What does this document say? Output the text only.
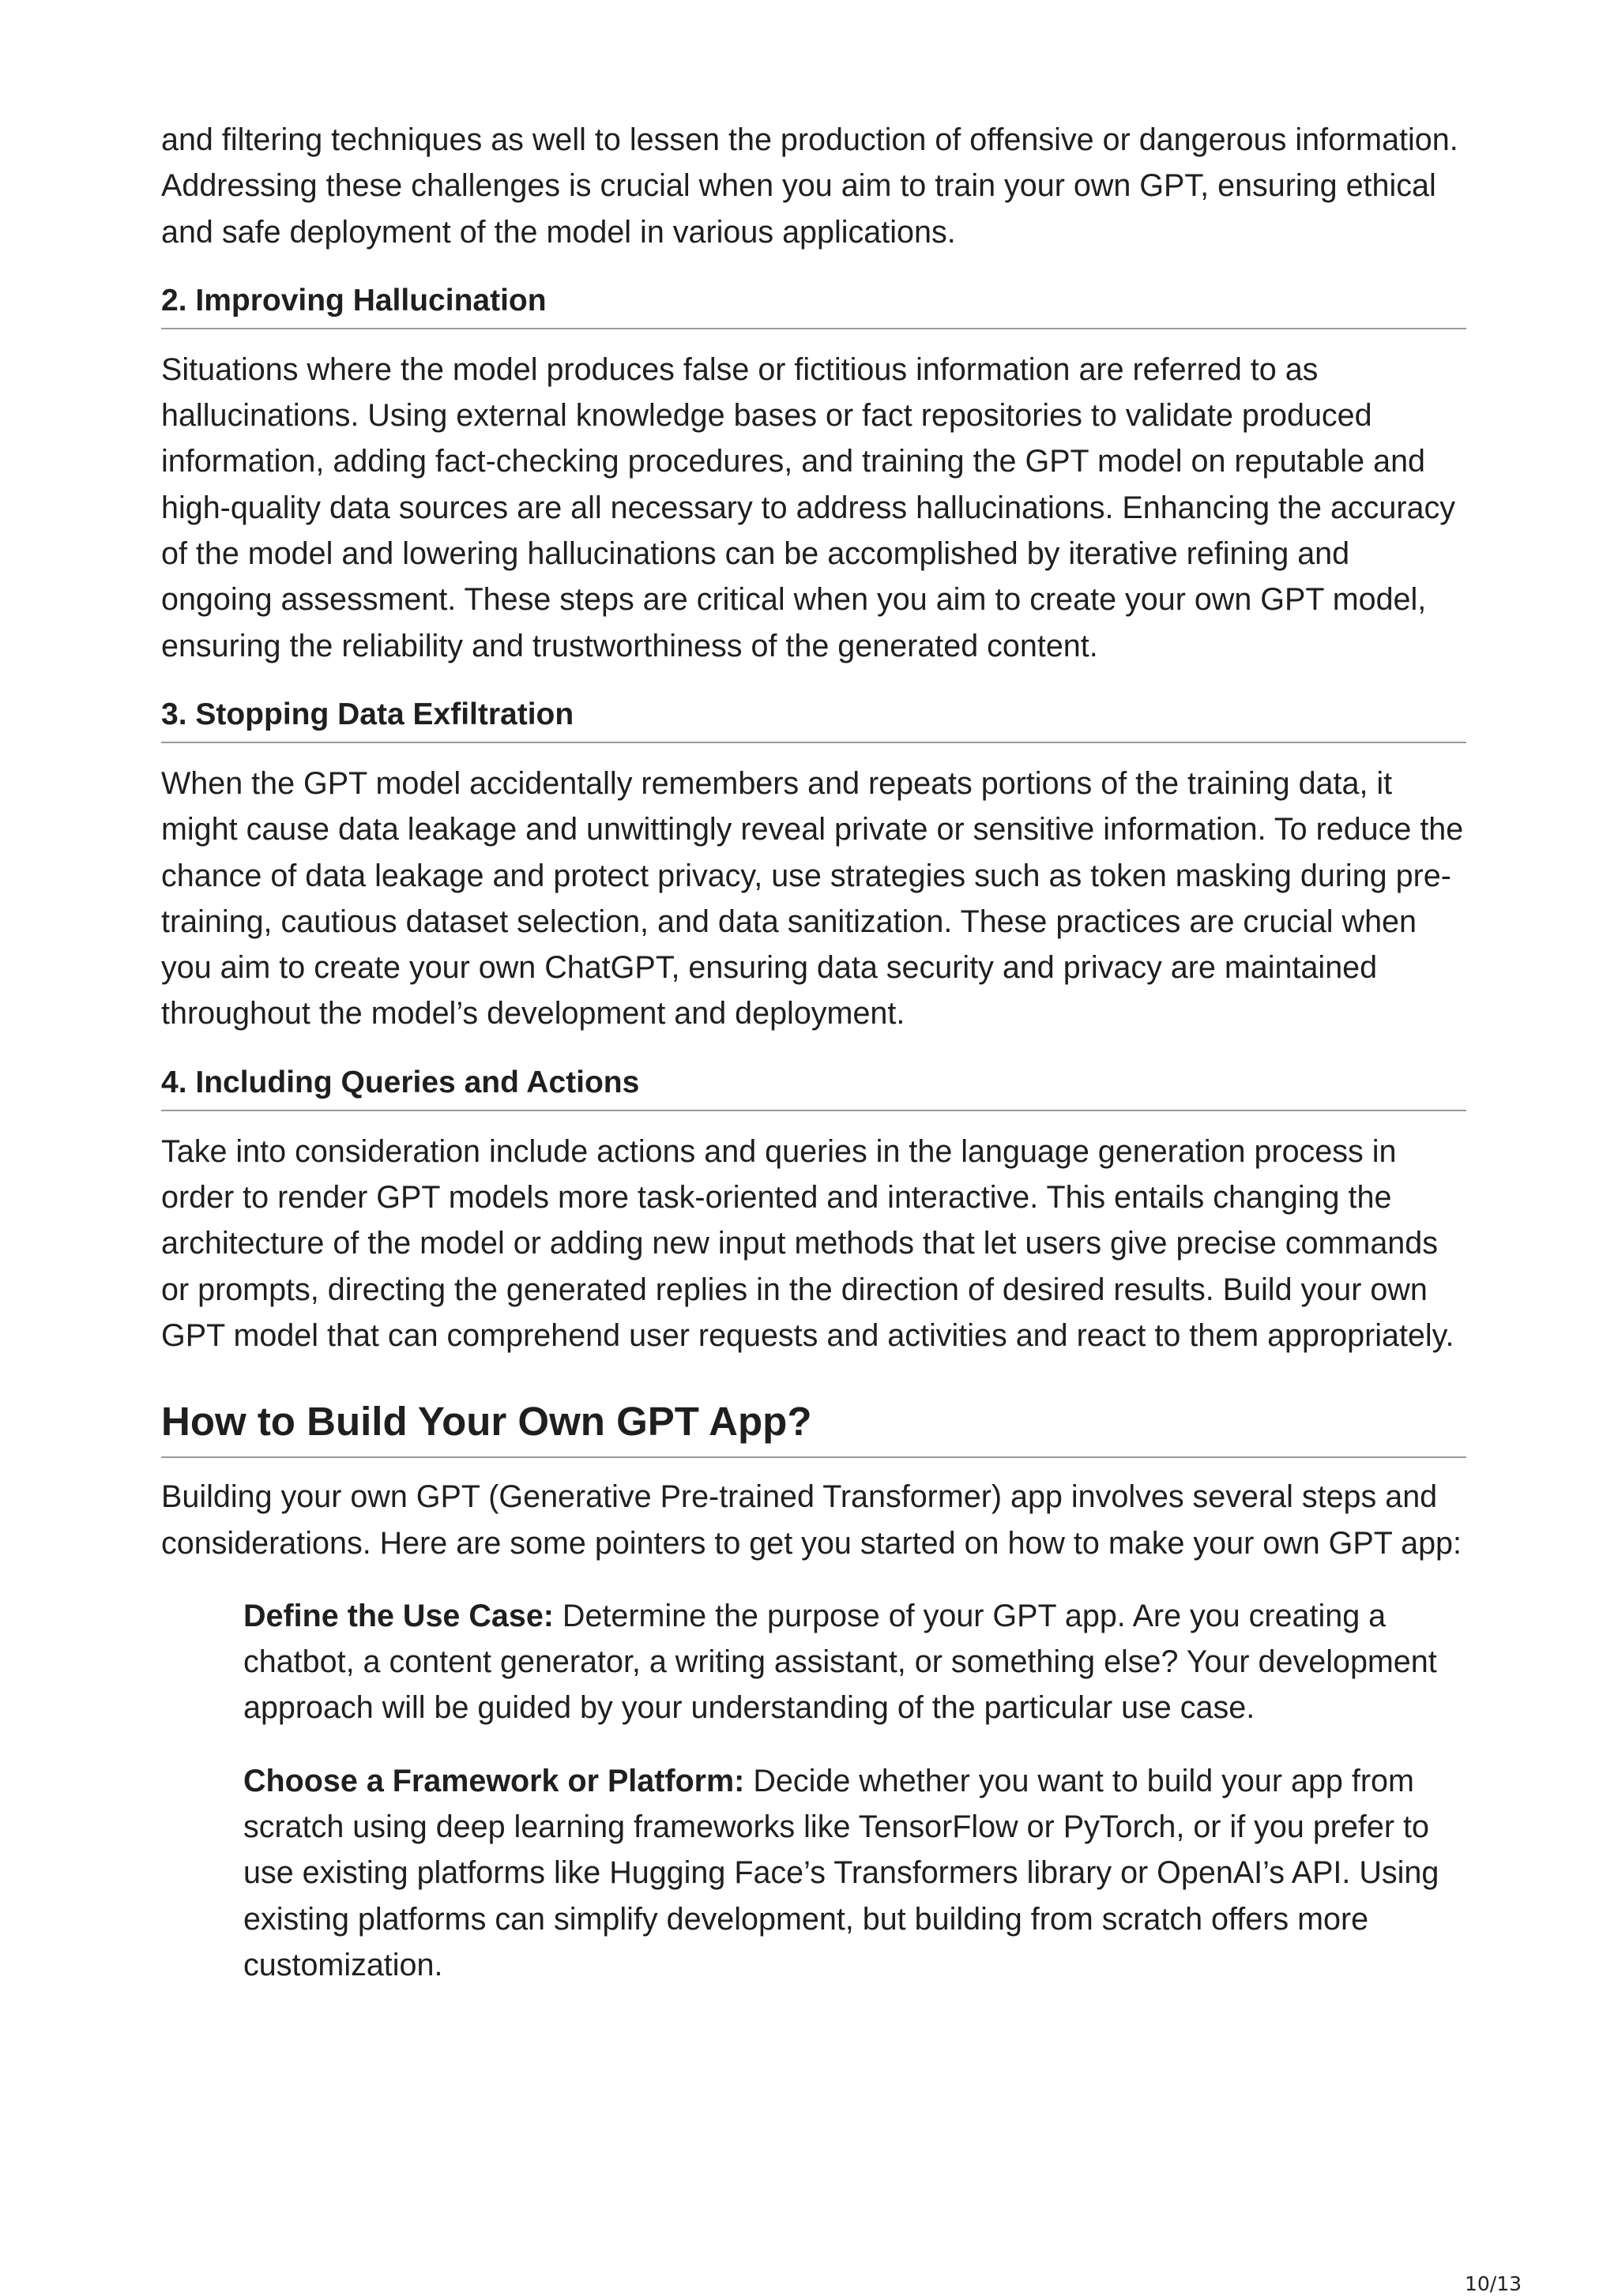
and filtering techniques as well to lessen the production of offensive or dangerous information. Addressing these challenges is crucial when you aim to train your own GPT, ensuring ethical and safe deployment of the model in various applications.

2. Improving Hallucination

Situations where the model produces false or fictitious information are referred to as hallucinations. Using external knowledge bases or fact repositories to validate produced information, adding fact-checking procedures, and training the GPT model on reputable and high-quality data sources are all necessary to address hallucinations. Enhancing the accuracy of the model and lowering hallucinations can be accomplished by iterative refining and ongoing assessment. These steps are critical when you aim to create your own GPT model, ensuring the reliability and trustworthiness of the generated content.

3. Stopping Data Exfiltration

When the GPT model accidentally remembers and repeats portions of the training data, it might cause data leakage and unwittingly reveal private or sensitive information. To reduce the chance of data leakage and protect privacy, use strategies such as token masking during pre-training, cautious dataset selection, and data sanitization. These practices are crucial when you aim to create your own ChatGPT, ensuring data security and privacy are maintained throughout the model’s development and deployment.

4. Including Queries and Actions

Take into consideration include actions and queries in the language generation process in order to render GPT models more task-oriented and interactive. This entails changing the architecture of the model or adding new input methods that let users give precise commands or prompts, directing the generated replies in the direction of desired results. Build your own GPT model that can comprehend user requests and activities and react to them appropriately.

How to Build Your Own GPT App?

Building your own GPT (Generative Pre-trained Transformer) app involves several steps and considerations. Here are some pointers to get you started on how to make your own GPT app:

Define the Use Case: Determine the purpose of your GPT app. Are you creating a chatbot, a content generator, a writing assistant, or something else? Your development approach will be guided by your understanding of the particular use case.
Choose a Framework or Platform: Decide whether you want to build your app from scratch using deep learning frameworks like TensorFlow or PyTorch, or if you prefer to use existing platforms like Hugging Face’s Transformers library or OpenAI’s API. Using existing platforms can simplify development, but building from scratch offers more customization.
10/13
